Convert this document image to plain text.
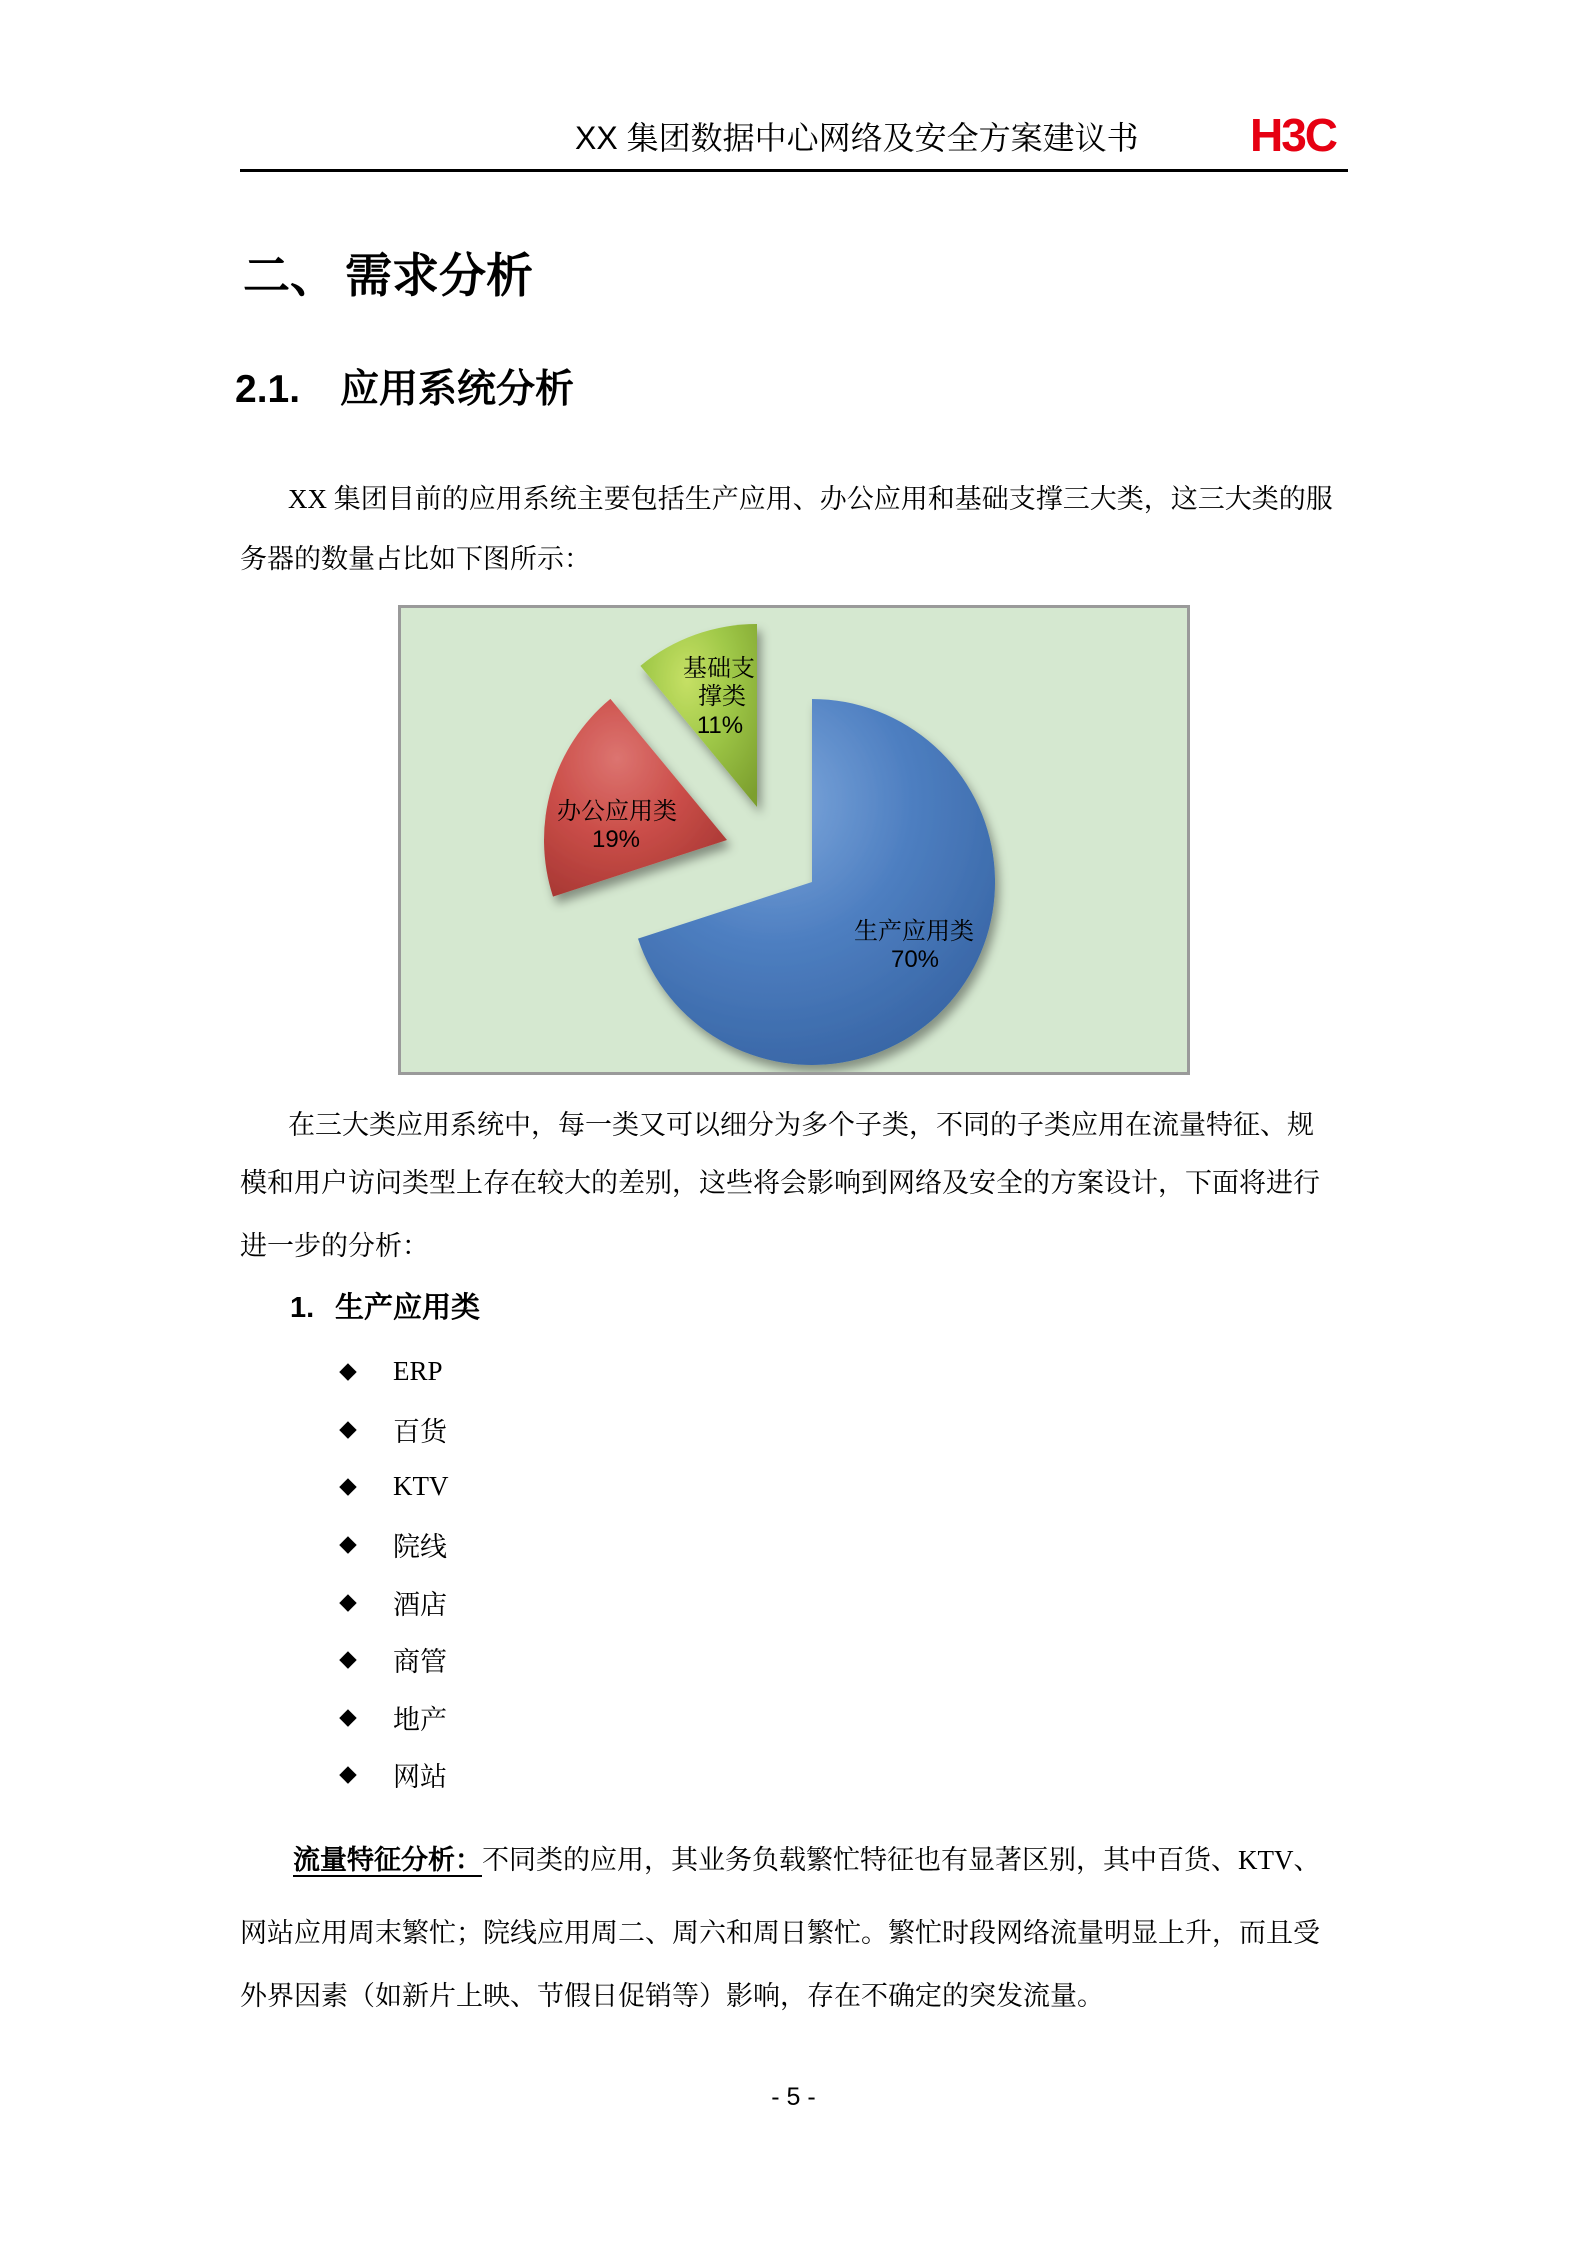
XX 集团数据中心网络及安全方案建议书 H3C
二、 需求分析
2.1. 应用系统分析
XX 集团目前的应用系统主要包括生产应用、办公应用和基础支撑三大类，这三大类的服
务器的数量占比如下图所示：
基础支
撑类
11%
办公应用类
19%
生产应用类
70%
在三大类应用系统中，每一类又可以细分为多个子类，不同的子类应用在流量特征、规
模和用户访问类型上存在较大的差别，这些将会影响到网络及安全的方案设计，下面将进行
进一步的分析：
1. 生产应用类
◆ ERP
◆ 百货
◆ KTV
◆ 院线
◆ 酒店
◆ 商管
◆ 地产
◆ 网站
流量特征分析：不同类的应用，其业务负载繁忙特征也有显著区别，其中百货、KTV、
网站应用周末繁忙；院线应用周二、周六和周日繁忙。繁忙时段网络流量明显上升，而且受
外界因素（如新片上映、节假日促销等）影响，存在不确定的突发流量。
- 5 -
